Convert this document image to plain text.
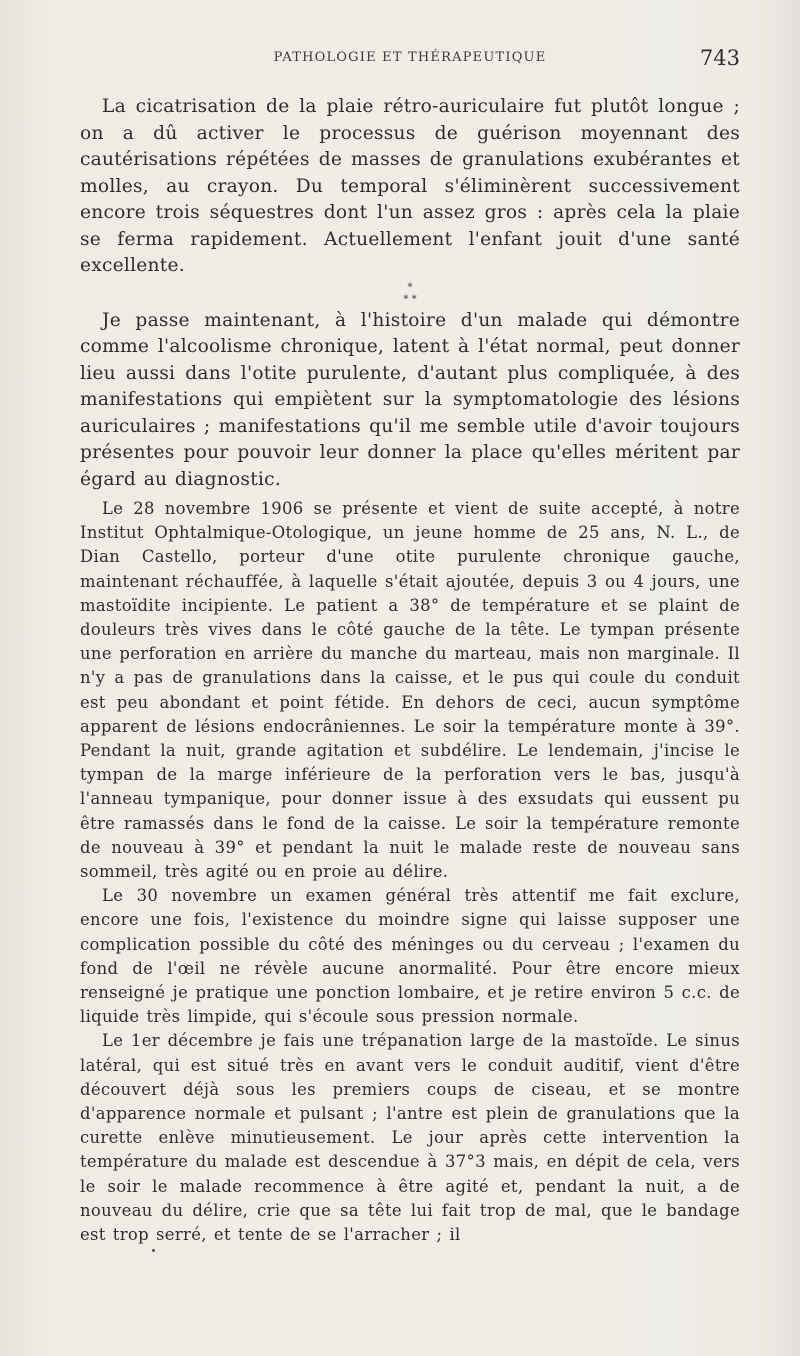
PATHOLOGIE ET THÉRAPEUTIQUE	743

La cicatrisation de la plaie rétro-auriculaire fut plutôt longue ; on a dû activer le processus de guérison moyennant des cautérisations répétées de masses de granulations exubérantes et molles, au crayon. Du temporal s'éliminèrent successivement encore trois séquestres dont l'un assez gros : après cela la plaie se ferma rapidement. Actuellement l'enfant jouit d'une santé excellente.

*
* *

Je passe maintenant, à l'histoire d'un malade qui démontre comme l'alcoolisme chronique, latent à l'état normal, peut donner lieu aussi dans l'otite purulente, d'autant plus compliquée, à des manifestations qui empiètent sur la symptomatologie des lésions auriculaires ; manifestations qu'il me semble utile d'avoir toujours présentes pour pouvoir leur donner la place qu'elles méritent par égard au diagnostic.

Le 28 novembre 1906 se présente et vient de suite accepté, à notre Institut Ophtalmique-Otologique, un jeune homme de 25 ans, N. L., de Dian Castello, porteur d'une otite purulente chronique gauche, maintenant réchauffée, à laquelle s'était ajoutée, depuis 3 ou 4 jours, une mastoïdite incipiente. Le patient a 38° de température et se plaint de douleurs très vives dans le côté gauche de la tête. Le tympan présente une perforation en arrière du manche du marteau, mais non marginale. Il n'y a pas de granulations dans la caisse, et le pus qui coule du conduit est peu abondant et point fétide. En dehors de ceci, aucun symptôme apparent de lésions endocrâniennes. Le soir la température monte à 39°. Pendant la nuit, grande agitation et subdélire. Le lendemain, j'incise le tympan de la marge inférieure de la perforation vers le bas, jusqu'à l'anneau tympanique, pour donner issue à des exsudats qui eussent pu être ramassés dans le fond de la caisse. Le soir la température remonte de nouveau à 39° et pendant la nuit le malade reste de nouveau sans sommeil, très agité ou en proie au délire.

Le 30 novembre un examen général très attentif me fait exclure, encore une fois, l'existence du moindre signe qui laisse supposer une complication possible du côté des méninges ou du cerveau ; l'examen du fond de l'œil ne révèle aucune anormalité. Pour être encore mieux renseigné je pratique une ponction lombaire, et je retire environ 5 c.c. de liquide très limpide, qui s'écoule sous pression normale.

Le 1er décembre je fais une trépanation large de la mastoïde. Le sinus latéral, qui est situé très en avant vers le conduit auditif, vient d'être découvert déjà sous les premiers coups de ciseau, et se montre d'apparence normale et pulsant ; l'antre est plein de granulations que la curette enlève minutieusement. Le jour après cette intervention la température du malade est descendue à 37°3 mais, en dépit de cela, vers le soir le malade recommence à être agité et, pendant la nuit, a de nouveau du délire, crie que sa tête lui fait trop de mal, que le bandage est trop serré, et tente de se l'arracher ; il
